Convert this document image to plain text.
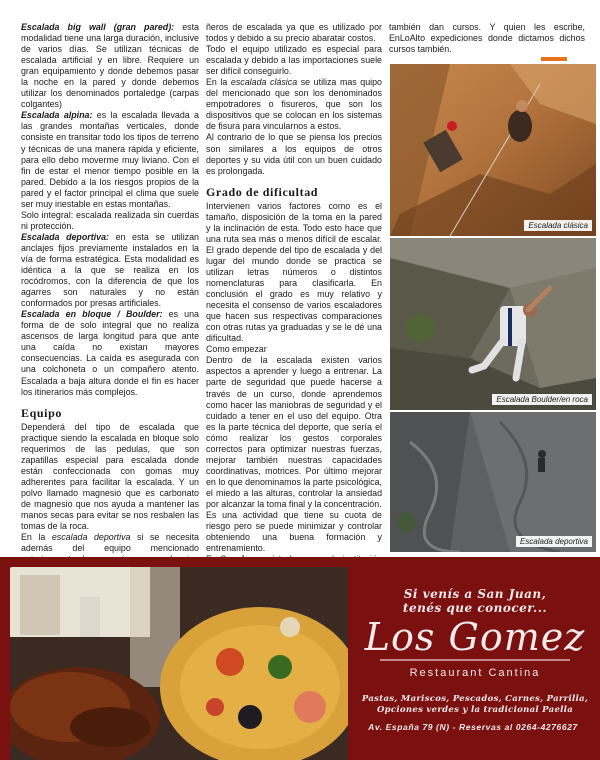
Escalada big wall (gran pared): esta modalidad tiene una larga duración, inclusive de varios días. Se utilizan técnicas de escalada artificial y en libre. Requiere un gran equipamiento y donde debemos pasar la noche en la pared y donde debemos utilizar los denominados portaledge (carpas colgantes)

Escalada alpina: es la escalada llevada a las grandes montañas verticales, donde consiste en transitar todo los tipos de terreno y técnicas de una manera rápida y eficiente, para ello debo moverme muy liviano. Con el fin de estar el menor tiempo posible en la pared. Debido a la los riesgos propios de la pared y el factor principal el clima que suele ser muy inestable en estas montañas.

Solo integral: escalada realizada sin cuerdas ni protección.

Escalada deportiva: en esta se utilizan anclajes fijos previamente instalados en la vía de forma estratégica. Esta modalidad es idéntica a la que se realiza en los rocódromos, con la diferencia de que los agarres son naturales y no están conformados por presas artificiales.

Escalada en bloque / Boulder: es una forma de de solo integral que no realiza ascensos de larga longitud para que ante una caída no existan mayores consecuencias. La caída es asegurada con una colchoneta o un compañero atento. Escalada a baja altura donde el fin es hacer los itinerarios más complejos.

Equipo

Dependerá del tipo de escalada que practique siendo la escalada en bloque solo requerimos de las pedulas, que son zapatillas especial para escalada donde están confeccionada con gomas muy adherentes para facilitar la escalada. Y un polvo llamado magnesio que es carbonato de magnesio que nos ayuda a mantener las manos secas para evitar se nos resbalen las tomas de la roca.

En la escalada deportiva si se necesita además del equipo mencionado

ñeros de escalada ya que es utilizado por todos y debido a su precio abaratar costos.

Todo el equipo utilizado es especial para escalada y debido a las importaciones suele ser difícil conseguirlo.

En la escalada clásica se utiliza mas quipo del mencionado que son los denominados empotradores o fisureros, que son los dispositivos que se colocan en los sistemas de fisura para vincularnos a estos.

Al contrario de lo que se piensa los precios son similares a los equipos de otros deportes y su vida útil con un buen cuidado es prolongada.

Grado de dificultad

Intervienen varios factores como es el tamaño, disposición de la toma en la pared y la inclinación de esta. Todo esto hace que una ruta sea más o menos difícil de escalar. El grado depende del tipo de escalada y del lugar del mundo donde se practica se utilizan letras números o distintos nomenclaturas para clasificarla. En conclusión el grado es muy relativo y necesita el consenso de varios escaladores que hacen sus respectivas comparaciones con otras rutas ya graduadas y se le dé una dificultad.

Como empezar

Dentro de la escalada existen varios aspectos a aprender y luego a entrenar. La parte de seguridad que puede hacerse a través de un curso, donde aprendemos como hacer las maniobras de seguridad y el cuidado a tener en el uso del equipo. Otra es la parte técnica del deporte, que sería el cómo realizar los gestos corporales correctos para optimizar nuestras fuerzas, mejorar también nuestras capacidades coordinativas, motrices. Por último mejorar en lo que denominamos la parte psicológica, el miedo a las alturas, controlar la ansiedad por alcanzar la toma final y la concentración.

Es una actividad que tiene su cuota de riesgo pero se puede minimizar y controlar obteniendo una buena formación y entrenamiento.

también dan cursos. Y quien les escribe, EnLoAlto expediciones donde dictamos dichos cursos también.

Escalada clásica
Escalada Boulder/en roca
Escalada deportiva
Si venís a San Juan,
tenés que conocer...
Los Gomez
Restaurant Cantina
Pastas, Mariscos, Pescados, Carnes, Parrilla,
Opciones verdes y la tradicional Paella
Av. España 79 (N) - Reservas al 0264-4276627
